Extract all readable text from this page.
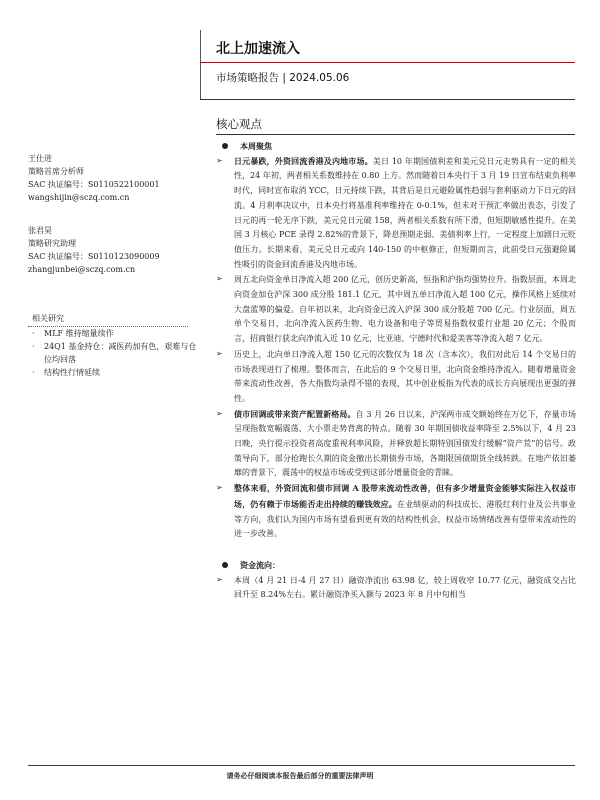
北上加速流入
市场策略报告 | 2024.05.06
核心观点
王仕进
策略首席分析师
SAC 执证编号：S0110522100001
wangshijin@sczq.com.cn
张君昊
策略研究助理
SAC 执证编号：S0110123090009
zhangjunbei@sczq.com.cn
相关研究
· MLF 维持缩量续作
· 24Q1 基金持仓：减医药加有色，艰难与仓位均回落
· 结构性行情延续
本周聚焦
➢	日元暴跌，外资回流香港及内地市场。美日 10 年期国债利差和美元兑日元走势具有一定的相关性，24 年初，两者相关系数维持在 0.80 上方。然而随着日本央行于 3 月 19 日宣布结束负利率时代，同时宣布取消 YCC，日元持续下跌，其背后是日元避险属性趋弱与套利驱动力下日元的回流。4 月利率决议中，日本央行将基准利率维持在 0-0.1%，但未对干预汇率做出表态，引发了日元的再一轮无序下跌，美元兑日元破 158，两者相关系数有所下滑，但短期敏感性提升。在美国 3 月核心 PCE 录得 2.82%的背景下，降息预期走弱、美债利率上行，一定程度上加剧日元贬值压力。长期来看，美元兑日元或向 140-150 的中枢修正，但短期而言，此前受日元强避险属性吸引的资金回流香港及内地市场。
➢	周五北向资金单日净流入超 200 亿元，创历史新高，恒指和沪指均强势拉升。指数层面，本周北向资金加仓沪深 300 成分股 181.1 亿元，其中周五单日净流入超 100 亿元，操作风格上延续对大盘蓝筹的偏爱。自年初以来，北向资金已流入沪深 300 成分股超 700 亿元。行业层面，周五单个交易日，北向净流入医药生物、电力设备和电子等贸易指数权重行业超 20 亿元；个股而言，招商银行获北向净流入近 10 亿元，比亚迪、宁德时代和爱美客等净流入超 7 亿元。
➢	历史上，北向单日净流入超 150 亿元的次数仅为 18 次（含本次），我们对此后 14 个交易日的市场表现进行了梳理。整体而言，在此后的 9 个交易日里，北向资金维持净流入。随着增量资金带来流动性改善，各大指数均录得不错的表现，其中创业板指为代表的成长方向展现出更强的弹性。
➢	债市回调或带来资产配置新格局。自 3 月 26 日以来，沪深两市成交额始终在万亿下，存量市场呈现指数宽幅震荡、大小票走势背离的特点。随着 30 年期国债收益率降至 2.5%以下，4 月 23 日晚，央行提示投资者高度重视利率风险，并释放超长期特别国债发行缓解“资产荒”的信号。政策导向下，部分抢跑长久期的资金撤出长期债券市场，各期限国债期货全线转跌。在地产依旧萎靡的背景下，震荡中的权益市场或受到这部分增量资金的青睐。
➢	整体来看，外资回流和债市回调 A 股带来流动性改善，但有多少增量资金能够实际注入权益市场，仍有赖于市场能否走出持续的赚钱效应。在业绩驱动的科技成长、港股红利行业及公共事业等方向，我们认为国内市场有望看到更有效的结构性机会，权益市场情绪改善有望带来流动性的进一步改善。
资金流向：
➢	本周（4 月 21 日-4 月 27 日）融资净流出 63.98 亿，较上周收窄 10.77 亿元，融资成交占比回升至 8.24%左右。累计融资净买入额与 2023 年 8 月中旬相当
请务必仔细阅读本报告最后部分的重要法律声明
